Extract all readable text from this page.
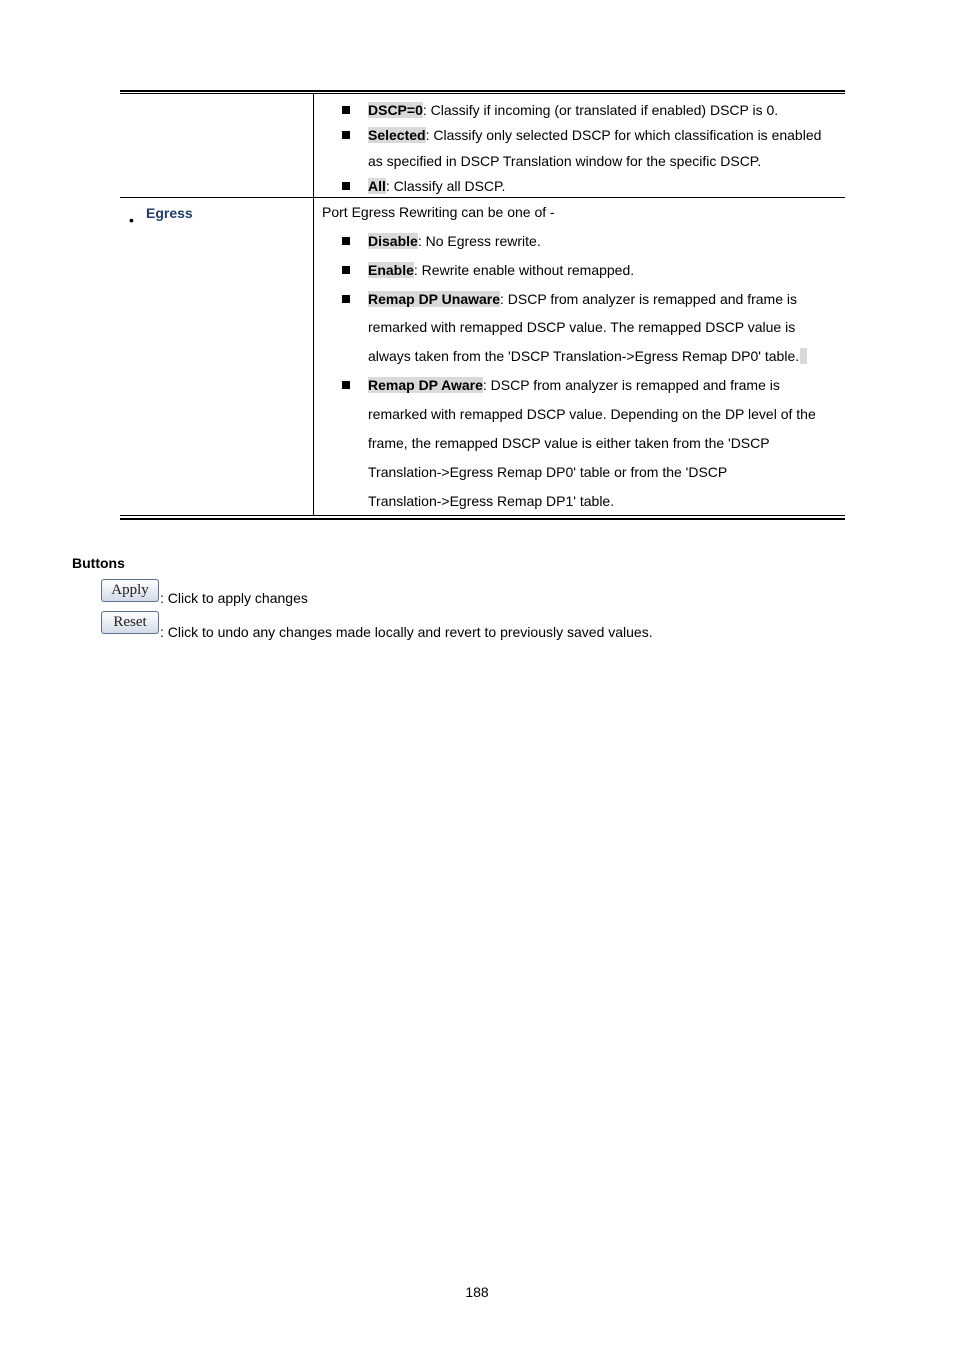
DSCP=0: Classify if incoming (or translated if enabled) DSCP is 0.
Selected: Classify only selected DSCP for which classification is enabled
as specified in DSCP Translation window for the specific DSCP.
All: Classify all DSCP.
• Egress	Port Egress Rewriting can be one of -
Disable: No Egress rewrite.
Enable: Rewrite enable without remapped.
Remap DP Unaware: DSCP from analyzer is remapped and frame is
remarked with remapped DSCP value. The remapped DSCP value is
always taken from the 'DSCP Translation->Egress Remap DP0' table.
Remap DP Aware: DSCP from analyzer is remapped and frame is
remarked with remapped DSCP value. Depending on the DP level of the
frame, the remapped DSCP value is either taken from the 'DSCP
Translation->Egress Remap DP0' table or from the 'DSCP
Translation->Egress Remap DP1' table.
Buttons
Apply : Click to apply changes
Reset
: Click to undo any changes made locally and revert to previously saved values.
188
